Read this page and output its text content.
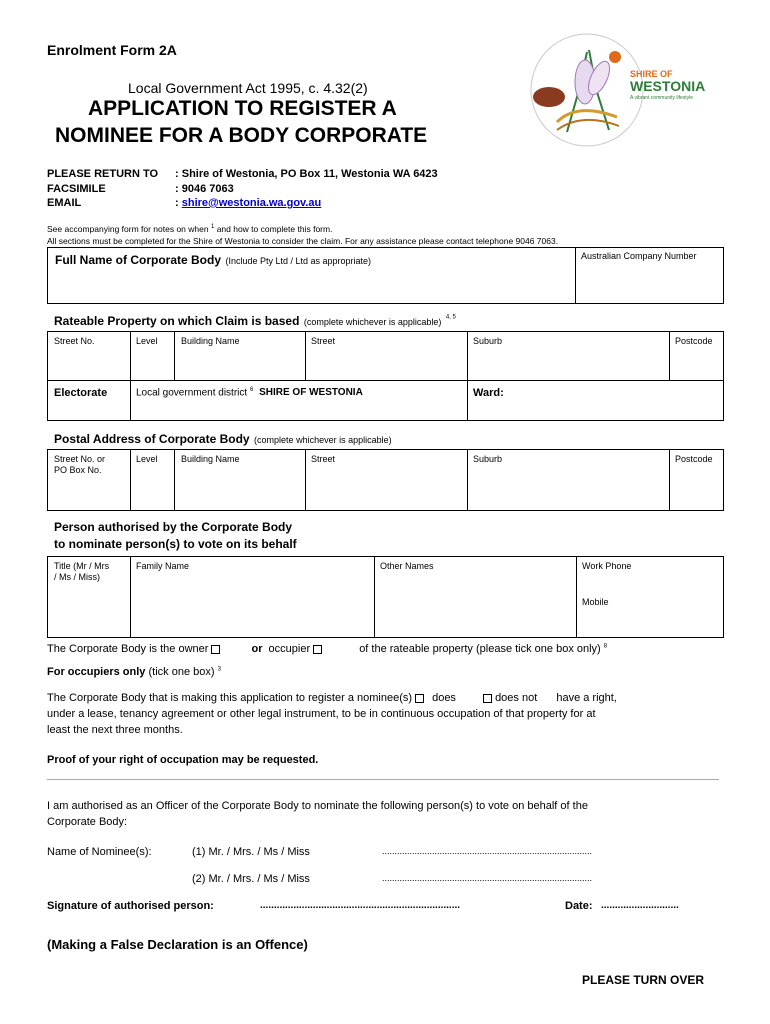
Enrolment Form 2A
Local Government Act 1995, c. 4.32(2)
APPLICATION TO REGISTER A
NOMINEE FOR A BODY CORPORATE
SHIRE OF
WESTONIA
A vibrant community lifestyle
PLEASE RETURN TO : Shire of Westonia, PO Box 11, Westonia WA 6423
FACSIMILE	: 9046 7063
EMAIL	: shire@westonia.wa.gov.au
See accompanying form for notes on when $^1$ and how to complete this form.
All sections must be completed for the Shire of Westonia to consider the claim. For any assistance please contact telephone 9046 7063.
Full Name of Corporate Body (Include Pty Ltd / Ltd as appropriate)	Australian Company Number
Rateable Property on which Claim is based (complete whichever is applicable) $^{4, 5}$
Street No.	Level	Building Name	Street	Suburb	Postcode
Electorate	Local government district $^6$ SHIRE OF WESTONIA	Ward:
Postal Address of Corporate Body (complete whichever is applicable)
Street No. or
PO Box No.
Level	Building Name	Street	Suburb	Postcode
Person authorised by the Corporate Body
to nominate person(s) to vote on its behalf
Title (Mr / Mrs
/ Ms / Miss)
Family Name	Other Names	Work Phone
Mobile
The Corporate Body is the owner	or occupier	of the rateable property (please tick one box only) $^8$
For occupiers only (tick one box) $^3$
The Corporate Body that is making this application to register a nominee(s) does	does not have a right,
under a lease, tenancy agreement or other legal instrument, to be in continuous occupation of that property for at
least the next three months.
Proof of your right of occupation may be requested.
I am authorised as an Officer of the Corporate Body to nominate the following person(s) to vote on behalf of the
Corporate Body:
Name of Nominee(s):	(1) Mr. / Mrs. / Ms / Miss	....................................................................................
(2) Mr. / Mrs. / Ms / Miss	....................................................................................
Signature of authorised person:	........................................................................	Date: ............................
(Making a False Declaration is an Offence)
PLEASE TURN OVER
